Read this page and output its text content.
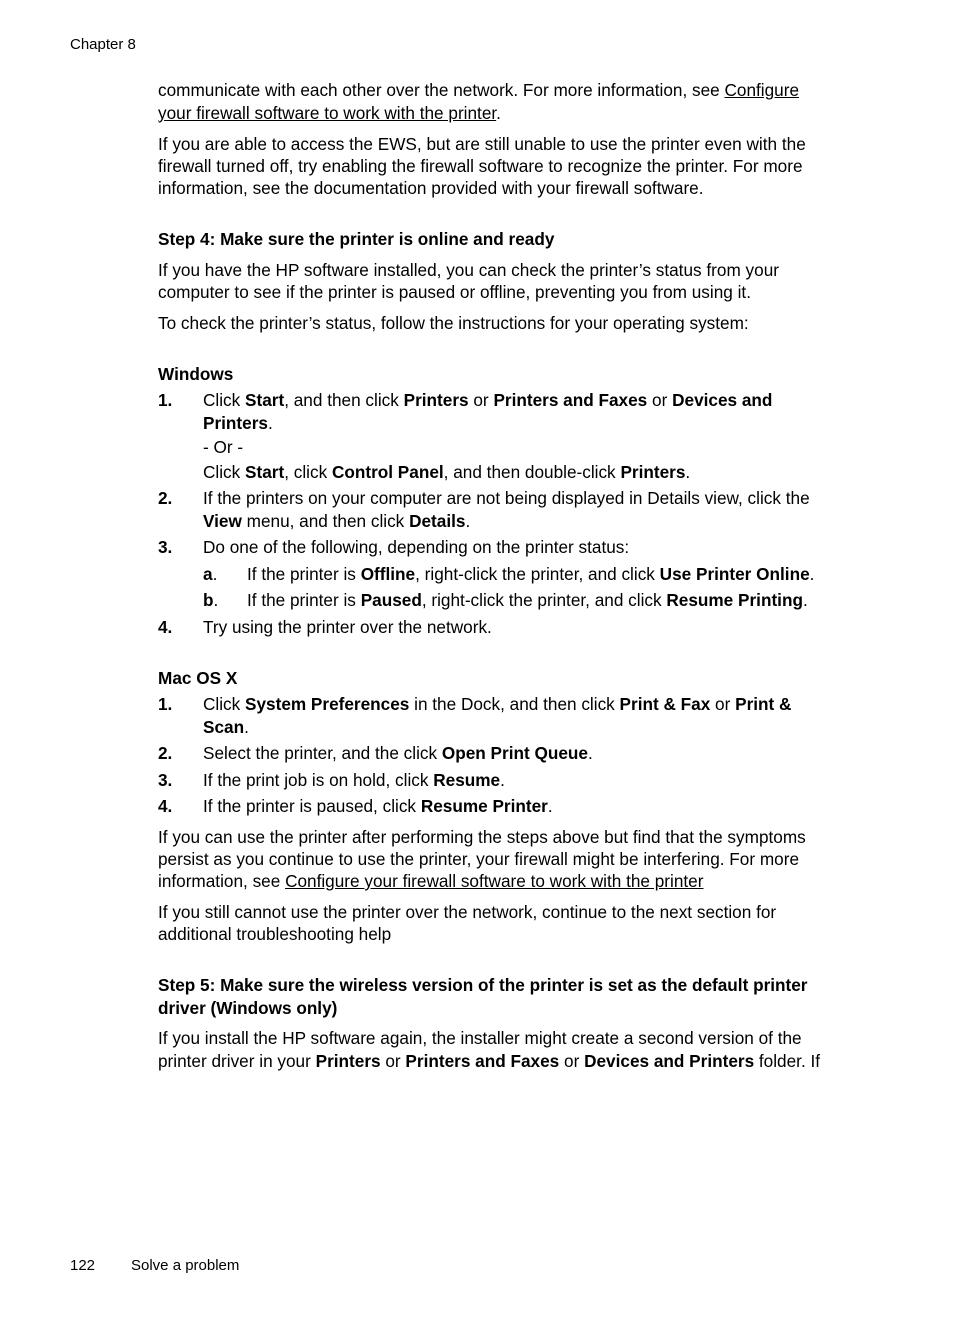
Chapter 8
communicate with each other over the network. For more information, see Configure
your firewall software to work with the printer.
If you are able to access the EWS, but are still unable to use the printer even with the
firewall turned off, try enabling the firewall software to recognize the printer. For more
information, see the documentation provided with your firewall software.
Step 4: Make sure the printer is online and ready
If you have the HP software installed, you can check the printer’s status from your
computer to see if the printer is paused or offline, preventing you from using it.
To check the printer’s status, follow the instructions for your operating system:
Windows
1. Click Start, and then click Printers or Printers and Faxes or Devices and
Printers.
- Or -
Click Start, click Control Panel, and then double-click Printers.
2. If the printers on your computer are not being displayed in Details view, click the
View menu, and then click Details.
3. Do one of the following, depending on the printer status:
a. If the printer is Offline, right-click the printer, and click Use Printer Online.
b. If the printer is Paused, right-click the printer, and click Resume Printing.
4. Try using the printer over the network.
Mac OS X
1. Click System Preferences in the Dock, and then click Print & Fax or Print &
Scan.
2. Select the printer, and the click Open Print Queue.
3. If the print job is on hold, click Resume.
4. If the printer is paused, click Resume Printer.
If you can use the printer after performing the steps above but find that the symptoms
persist as you continue to use the printer, your firewall might be interfering. For more
information, see Configure your firewall software to work with the printer
If you still cannot use the printer over the network, continue to the next section for
additional troubleshooting help
Step 5: Make sure the wireless version of the printer is set as the default printer
driver (Windows only)
If you install the HP software again, the installer might create a second version of the
printer driver in your Printers or Printers and Faxes or Devices and Printers folder. If
122 Solve a problem
